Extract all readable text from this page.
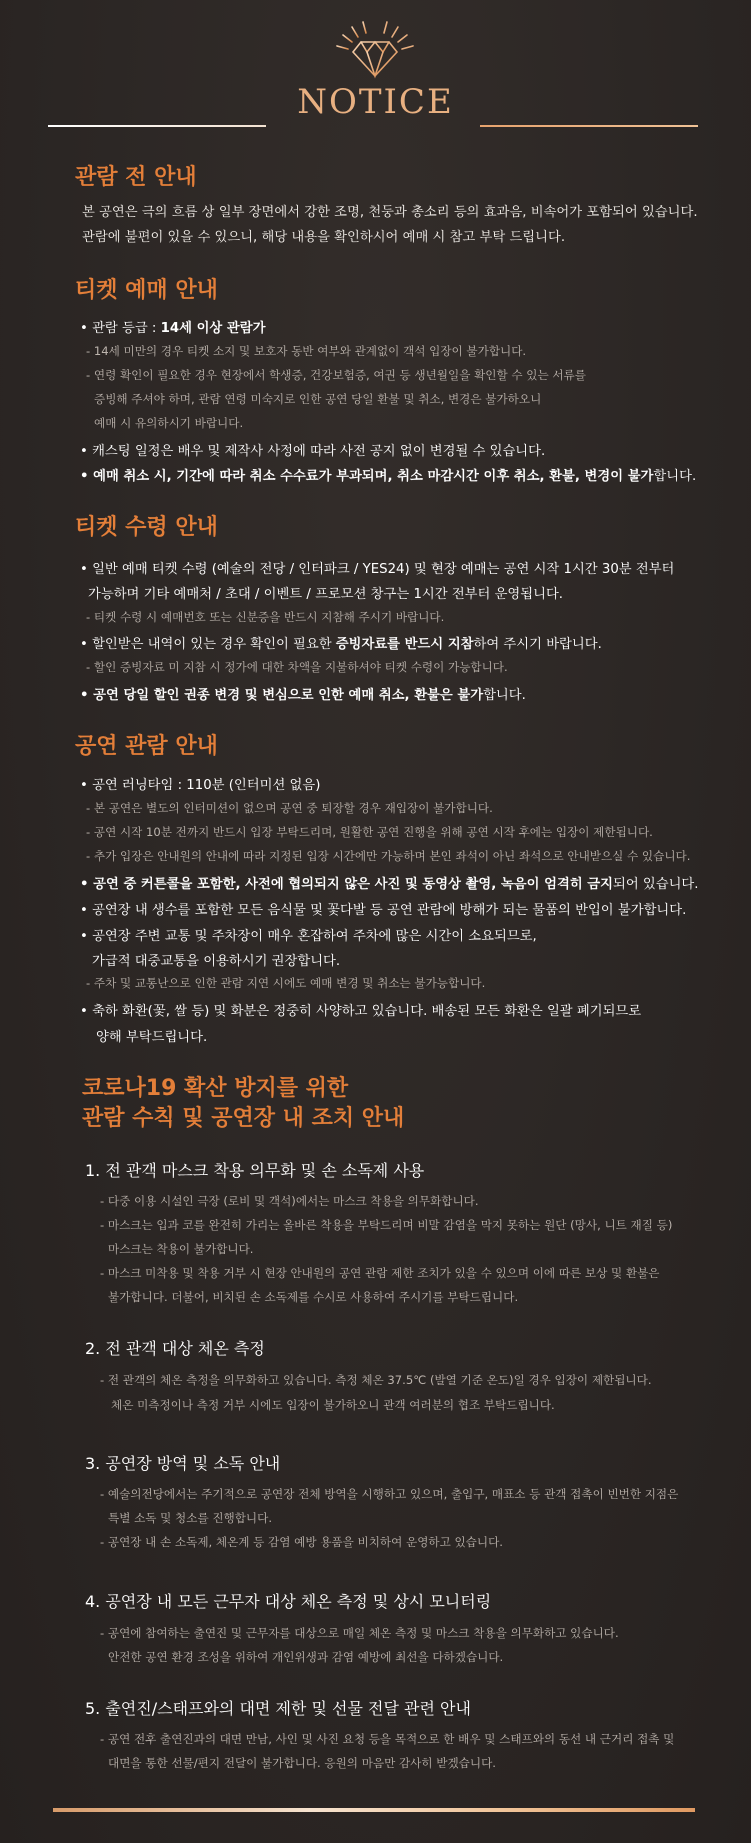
NOTICE
관람 전 안내
본 공연은 극의 흐름 상 일부 장면에서 강한 조명, 천둥과 총소리 등의 효과음, 비속어가 포함되어 있습니다.
관람에 불편이 있을 수 있으니, 해당 내용을 확인하시어 예매 시 참고 부탁 드립니다.
티켓 예매 안내
• 관람 등급 : 14세 이상 관람가
- 14세 미만의 경우 티켓 소지 및 보호자 동반 여부와 관계없이 객석 입장이 불가합니다.
- 연령 확인이 필요한 경우 현장에서 학생증, 건강보험증, 여권 등 생년월일을 확인할 수 있는 서류를
증빙해 주셔야 하며, 관람 연령 미숙지로 인한 공연 당일 환불 및 취소, 변경은 불가하오니
예매 시 유의하시기 바랍니다.
• 캐스팅 일정은 배우 및 제작사 사정에 따라 사전 공지 없이 변경될 수 있습니다.
• 예매 취소 시, 기간에 따라 취소 수수료가 부과되며, 취소 마감시간 이후 취소, 환불, 변경이 불가합니다.
티켓 수령 안내
• 일반 예매 티켓 수령 (예술의 전당 / 인터파크 / YES24) 및 현장 예매는 공연 시작 1시간 30분 전부터
가능하며 기타 예매처 / 초대 / 이벤트 / 프로모션 창구는 1시간 전부터 운영됩니다.
- 티켓 수령 시 예매번호 또는 신분증을 반드시 지참해 주시기 바랍니다.
• 할인받은 내역이 있는 경우 확인이 필요한 증빙자료를 반드시 지참하여 주시기 바랍니다.
- 할인 증빙자료 미 지참 시 정가에 대한 차액을 지불하셔야 티켓 수령이 가능합니다.
• 공연 당일 할인 권종 변경 및 변심으로 인한 예매 취소, 환불은 불가합니다.
공연 관람 안내
• 공연 러닝타임 : 110분 (인터미션 없음)
- 본 공연은 별도의 인터미션이 없으며 공연 중 퇴장할 경우 재입장이 불가합니다.
- 공연 시작 10분 전까지 반드시 입장 부탁드리며, 원활한 공연 진행을 위해 공연 시작 후에는 입장이 제한됩니다.
- 추가 입장은 안내원의 안내에 따라 지정된 입장 시간에만 가능하며 본인 좌석이 아닌 좌석으로 안내받으실 수 있습니다.
• 공연 중 커튼콜을 포함한, 사전에 협의되지 않은 사진 및 동영상 촬영, 녹음이 엄격히 금지되어 있습니다.
• 공연장 내 생수를 포함한 모든 음식물 및 꽃다발 등 공연 관람에 방해가 되는 물품의 반입이 불가합니다.
• 공연장 주변 교통 및 주차장이 매우 혼잡하여 주차에 많은 시간이 소요되므로,
가급적 대중교통을 이용하시기 권장합니다.
- 주차 및 교통난으로 인한 관람 지연 시에도 예매 변경 및 취소는 불가능합니다.
• 축하 화환(꽃, 쌀 등) 및 화분은 정중히 사양하고 있습니다. 배송된 모든 화환은 일괄 폐기되므로
양해 부탁드립니다.
코로나19 확산 방지를 위한
관람 수칙 및 공연장 내 조치 안내
1. 전 관객 마스크 착용 의무화 및 손 소독제 사용
- 다중 이용 시설인 극장 (로비 및 객석)에서는 마스크 착용을 의무화합니다.
- 마스크는 입과 코를 완전히 가리는 올바른 착용을 부탁드리며 비말 감염을 막지 못하는 원단 (망사, 니트 재질 등)
마스크는 착용이 불가합니다.
- 마스크 미착용 및 착용 거부 시 현장 안내원의 공연 관람 제한 조치가 있을 수 있으며 이에 따른 보상 및 환불은
불가합니다. 더불어, 비치된 손 소독제를 수시로 사용하여 주시기를 부탁드립니다.
2. 전 관객 대상 체온 측정
- 전 관객의 체온 측정을 의무화하고 있습니다. 측정 체온 37.5℃ (발열 기준 온도)일 경우 입장이 제한됩니다.
체온 미측정이나 측정 거부 시에도 입장이 불가하오니 관객 여러분의 협조 부탁드립니다.
3. 공연장 방역 및 소독 안내
- 예술의전당에서는 주기적으로 공연장 전체 방역을 시행하고 있으며, 출입구, 매표소 등 관객 접촉이 빈번한 지점은
특별 소독 및 청소를 진행합니다.
- 공연장 내 손 소독제, 체온계 등 감염 예방 용품을 비치하여 운영하고 있습니다.
4. 공연장 내 모든 근무자 대상 체온 측정 및 상시 모니터링
- 공연에 참여하는 출연진 및 근무자를 대상으로 매일 체온 측정 및 마스크 착용을 의무화하고 있습니다.
안전한 공연 환경 조성을 위하여 개인위생과 감염 예방에 최선을 다하겠습니다.
5. 출연진/스태프와의 대면 제한 및 선물 전달 관련 안내
- 공연 전후 출연진과의 대면 만남, 사인 및 사진 요청 등을 목적으로 한 배우 및 스태프와의 동선 내 근거리 접촉 및
대면을 통한 선물/편지 전달이 불가합니다. 응원의 마음만 감사히 받겠습니다.
